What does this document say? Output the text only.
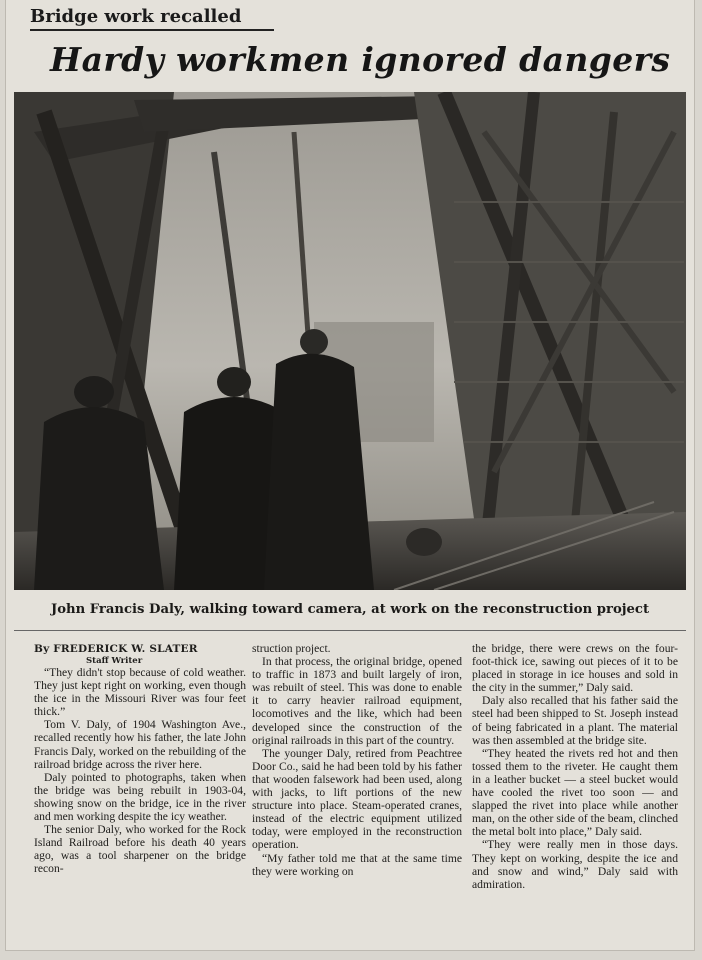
Bridge work recalled
Hardy workmen ignored dangers
John Francis Daly, walking toward camera, at work on the reconstruction project

By FREDERICK W. SLATER

Staff Writer

“They didn't stop because of cold weather. They just kept right on working, even though the ice in the Missouri River was four feet thick.”

Tom V. Daly, of 1904 Washington Ave., recalled recently how his father, the late John Francis Daly, worked on the rebuilding of the railroad bridge across the river here.

Daly pointed to photographs, taken when the bridge was being rebuilt in 1903-04, showing snow on the bridge, ice in the river and men working despite the icy weather.

The senior Daly, who worked for the Rock Island Railroad before his death 40 years ago, was a tool sharpener on the bridge recon-

struction project.

In that process, the original bridge, opened to traffic in 1873 and built largely of iron, was rebuilt of steel. This was done to enable it to carry heavier railroad equipment, locomotives and the like, which had been developed since the construction of the original railroads in this part of the country.

The younger Daly, retired from Peachtree Door Co., said he had been told by his father that wooden falsework had been used, along with jacks, to lift portions of the new structure into place. Steam-operated cranes, instead of the electric equipment utilized today, were employed in the reconstruction operation.

“My father told me that at the same time they were working on

the bridge, there were crews on the four-foot-thick ice, sawing out pieces of it to be placed in storage in ice houses and sold in the city in the summer,” Daly said.

Daly also recalled that his father said the steel had been shipped to St. Joseph instead of being fabricated in a plant. The material was then assembled at the bridge site.

“They heated the rivets red hot and then tossed them to the riveter. He caught them in a leather bucket — a steel bucket would have cooled the rivet too soon — and slapped the rivet into place while another man, on the other side of the beam, clinched the metal bolt into place,” Daly said.

“They were really men in those days. They kept on working, despite the ice and and snow and wind,” Daly said with admiration.
